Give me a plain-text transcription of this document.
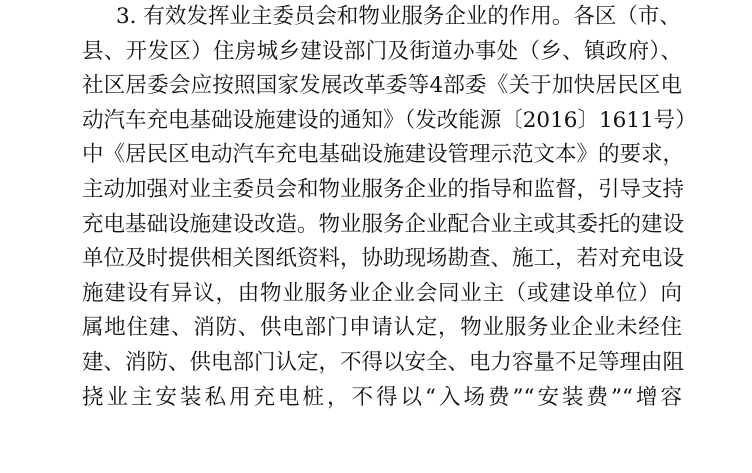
3. 有效发挥业主委员会和物业服务企业的作用。各区（市、
县、开发区）住房城乡建设部门及街道办事处（乡、镇政府）、
社区居委会应按照国家发展改革委等4部委《关于加快居民区电
动汽车充电基础设施建设的通知》（发改能源〔2016〕1611号）
中《居民区电动汽车充电基础设施建设管理示范文本》的要求，
主动加强对业主委员会和物业服务企业的指导和监督，引导支持
充电基础设施建设改造。物业服务企业配合业主或其委托的建设
单位及时提供相关图纸资料，协助现场勘查、施工，若对充电设
施建设有异议，由物业服务业企业会同业主（或建设单位）向
属地住建、消防、供电部门申请认定，物业服务业企业未经住
建、消防、供电部门认定，不得以安全、电力容量不足等理由阻
挠业主安装私用充电桩，不得以“入场费”“安装费”“增容
